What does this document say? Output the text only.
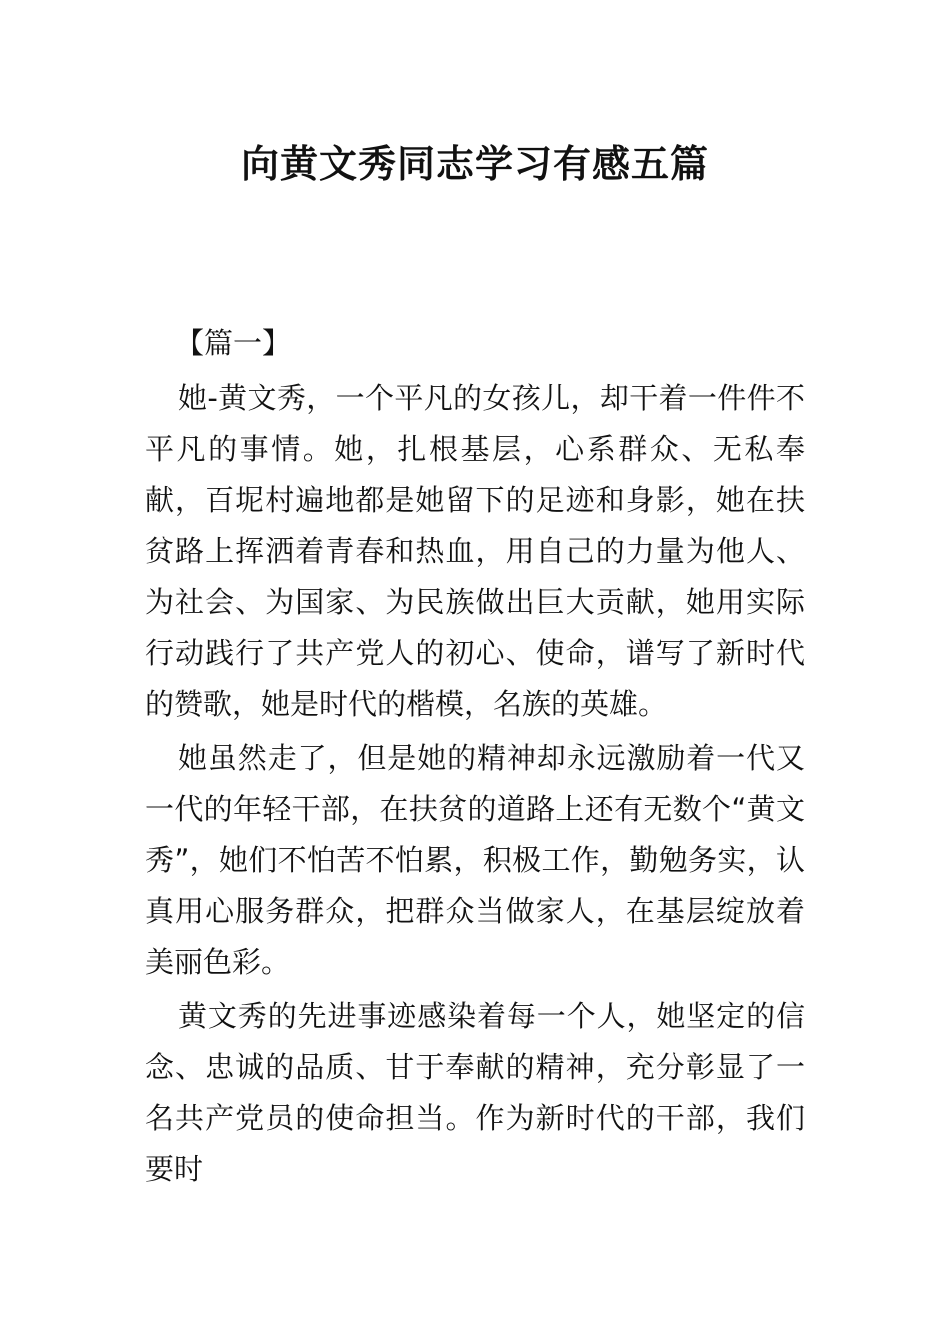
向黄文秀同志学习有感五篇
【篇一】

她-黄文秀，一个平凡的女孩儿，却干着一件件不平凡的事情。她，扎根基层，心系群众、无私奉献，百坭村遍地都是她留下的足迹和身影，她在扶贫路上挥洒着青春和热血，用自己的力量为他人、为社会、为国家、为民族做出巨大贡献，她用实际行动践行了共产党人的初心、使命，谱写了新时代的赞歌，她是时代的楷模，名族的英雄。

她虽然走了，但是她的精神却永远激励着一代又一代的年轻干部，在扶贫的道路上还有无数个“黄文秀”，她们不怕苦不怕累，积极工作，勤勉务实，认真用心服务群众，把群众当做家人，在基层绽放着美丽色彩。

黄文秀的先进事迹感染着每一个人，她坚定的信念、忠诚的品质、甘于奉献的精神，充分彰显了一名共产党员的使命担当。作为新时代的干部，我们要时
